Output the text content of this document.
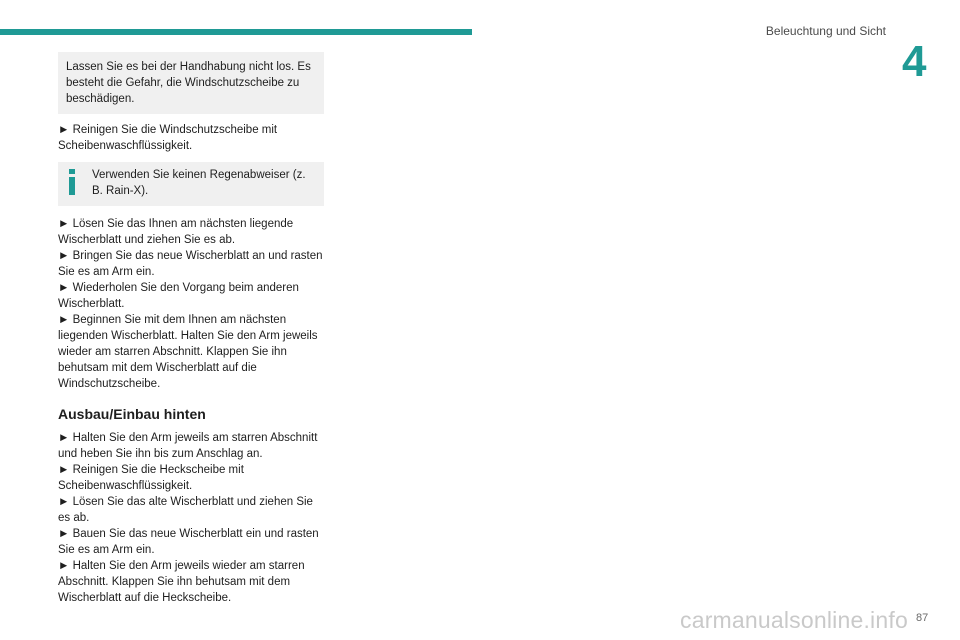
Beleuchtung und Sicht
4
Lassen Sie es bei der Handhabung nicht los. Es besteht die Gefahr, die Windschutzscheibe zu beschädigen.

► Reinigen Sie die Windschutzscheibe mit Scheibenwaschflüssigkeit.

Verwenden Sie keinen Regenabweiser (z. B. Rain-X).

► Lösen Sie das Ihnen am nächsten liegende Wischerblatt und ziehen Sie es ab.

► Bringen Sie das neue Wischerblatt an und rasten Sie es am Arm ein.

► Wiederholen Sie den Vorgang beim anderen Wischerblatt.

► Beginnen Sie mit dem Ihnen am nächsten liegenden Wischerblatt. Halten Sie den Arm jeweils wieder am starren Abschnitt. Klappen Sie ihn behutsam mit dem Wischerblatt auf die Windschutzscheibe.

Ausbau/Einbau hinten

► Halten Sie den Arm jeweils am starren Abschnitt und heben Sie ihn bis zum Anschlag an.

► Reinigen Sie die Heckscheibe mit Scheibenwaschflüssigkeit.

► Lösen Sie das alte Wischerblatt und ziehen Sie es ab.

► Bauen Sie das neue Wischerblatt ein und rasten Sie es am Arm ein.

► Halten Sie den Arm jeweils wieder am starren Abschnitt. Klappen Sie ihn behutsam mit dem Wischerblatt auf die Heckscheibe.

carmanualsonline.info 87
